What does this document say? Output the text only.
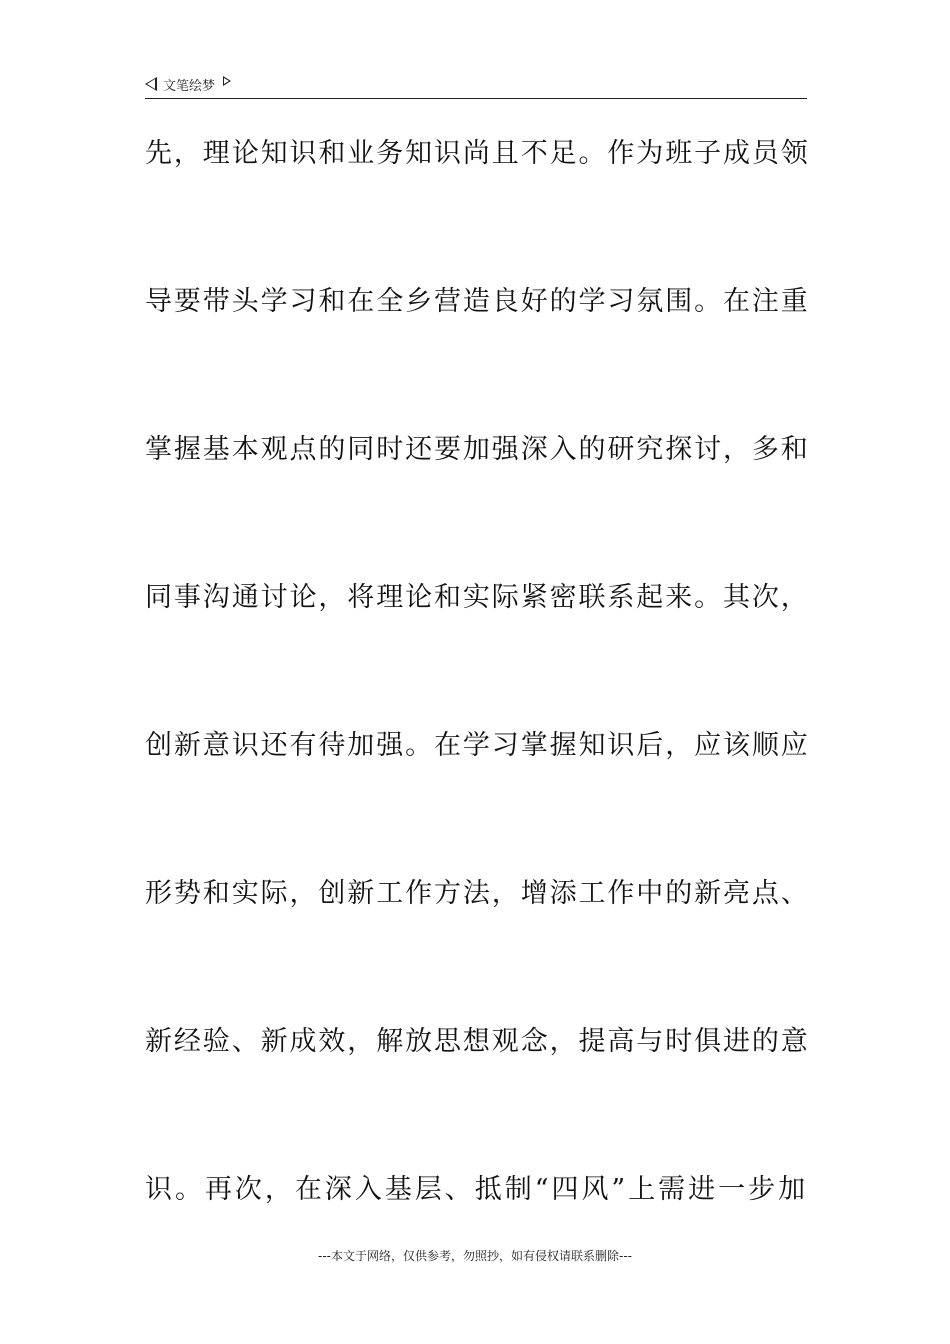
文笔绘梦
先，理论知识和业务知识尚且不足。作为班子成员领
导要带头学习和在全乡营造良好的学习氛围。在注重
掌握基本观点的同时还要加强深入的研究探讨，多和
同事沟通讨论，将理论和实际紧密联系起来。其次，
创新意识还有待加强。在学习掌握知识后，应该顺应
形势和实际，创新工作方法，增添工作中的新亮点、
新经验、新成效，解放思想观念，提高与时俱进的意
识。再次，在深入基层、抵制“四风”上需进一步加
---本文于网络，仅供参考，勿照抄，如有侵权请联系删除---
